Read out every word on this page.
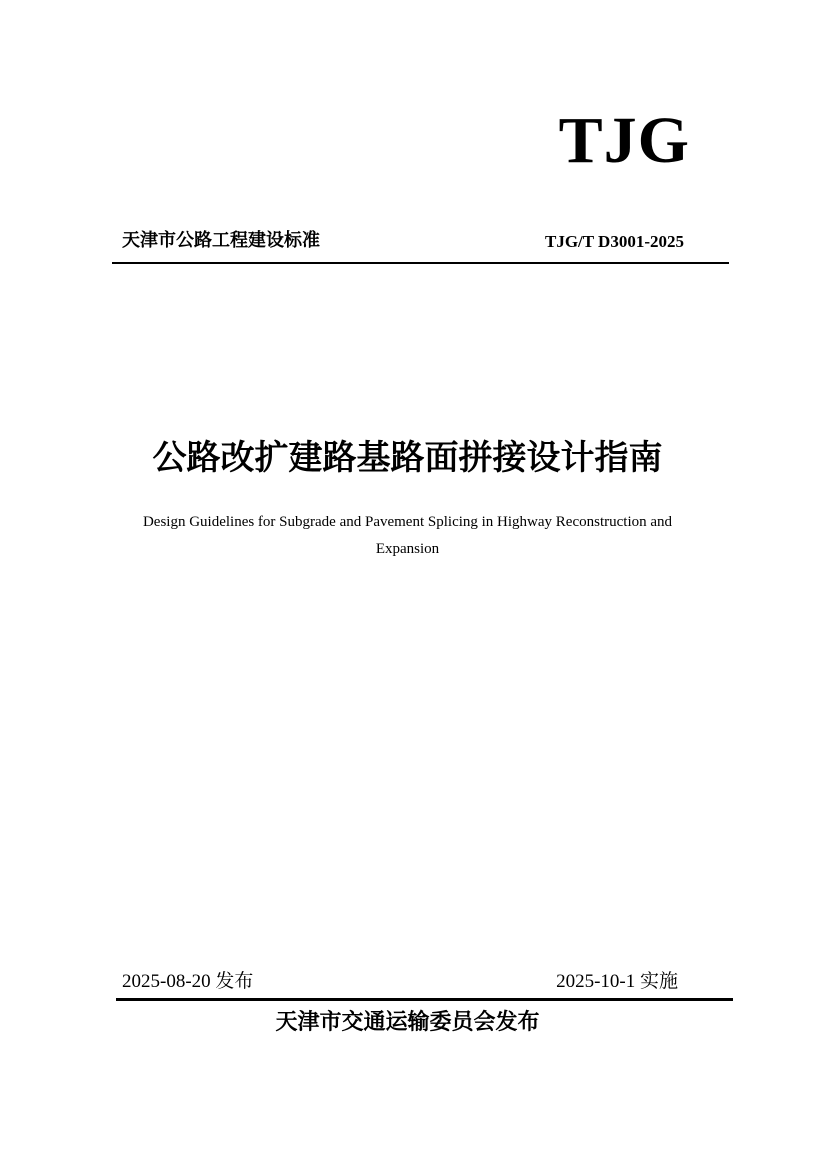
TJG
天津市公路工程建设标准	TJG/T D3001-2025
公路改扩建路基路面拼接设计指南
Design Guidelines for Subgrade and Pavement Splicing in Highway Reconstruction and Expansion
2025-08-20 发布	2025-10-1 实施
天津市交通运输委员会发布
